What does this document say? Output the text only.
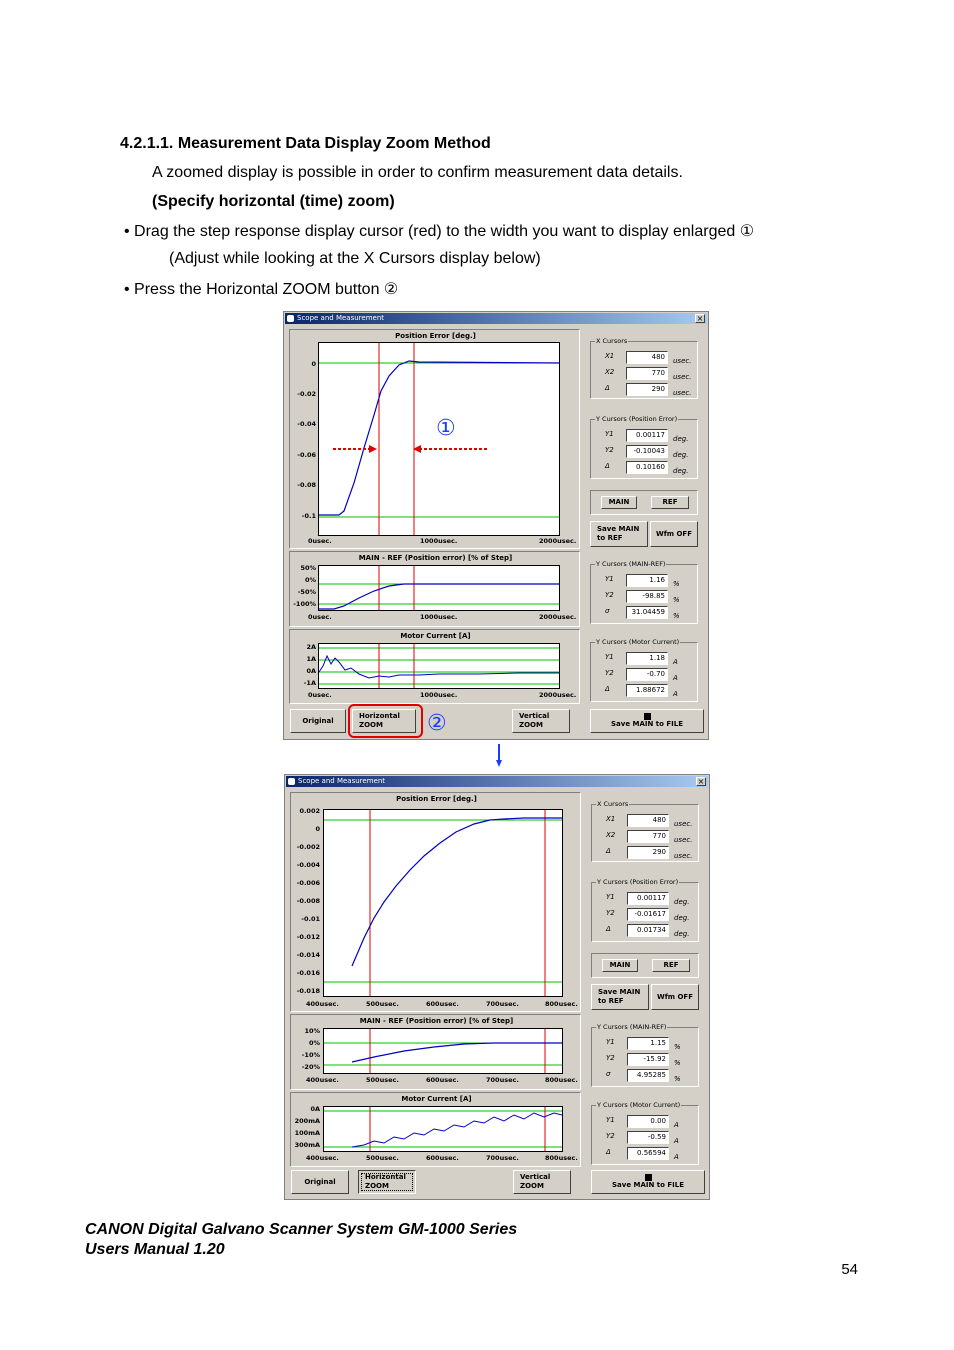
4.2.1.1. Measurement Data Display Zoom Method
A zoomed display is possible in order to confirm measurement data details.
(Specify horizontal (time) zoom)
• Drag the step response display cursor (red) to the width you want to display enlarged ①
(Adjust while looking at the X Cursors display below)
• Press the Horizontal ZOOM button ②
Scope and Measurement	×
Position Error [deg.]
0
-0.02
-0.04
-0.06
-0.08
-0.1
0usec.	1000usec.	2000usec.
①
MAIN - REF (Position error) [% of Step]
50%
0%
-50%
-100%
0usec.	1000usec.	2000usec.
Motor Current [A]
2A
1A
0A
-1A
0usec.	1000usec.	2000usec.
X Cursors
X1	480	usec.
X2	770	usec.
Δ	290	usec.
Y Cursors (Position Error)
Y1	0.00117	deg.
Y2	-0.10043	deg.
Δ	0.10160	deg.
MAIN	REF
Save MAIN
to REF	Wfm OFF
Y Cursors (MAIN-REF)
Y1	1.16	%
Y2	-98.85	%
σ	31.04459	%
Y Cursors (Motor Current)
Y1	1.18	A
Y2	-0.70	A
Δ	1.88672	A
Original
Horizontal
ZOOM	②	Vertical
ZOOM	Save MAIN to FILE
Scope and Measurement	×
Position Error [deg.]
0.002
0
-0.002
-0.004
-0.006
-0.008
-0.01
-0.012
-0.014
-0.016
-0.018
400usec.	500usec.	600usec.	700usec.	800usec.
MAIN - REF (Position error) [% of Step]
10%
0%
-10%
-20%
400usec.	500usec.	600usec.	700usec.	800usec.
Motor Current [A]
0A
200mA
100mA
300mA
400usec.	500usec.	600usec.	700usec.	800usec.
X Cursors
X1	480	usec.
X2	770	usec.
Δ	290	usec.
Y Cursors (Position Error)
Y1	0.00117	deg.
Y2	-0.01617	deg.
Δ	0.01734	deg.
MAIN	REF
Save MAIN
to REF	Wfm OFF
Y Cursors (MAIN-REF)
Y1	1.15	%
Y2	-15.92	%
σ	4.95285	%
Y Cursors (Motor Current)
Y1	0.00	A
Y2	-0.59	A
Δ	0.56594	A
Original
Horizontal
ZOOM
Vertical
ZOOM	Save MAIN to FILE
CANON Digital Galvano Scanner System GM-1000 Series
Users Manual 1.20
54
